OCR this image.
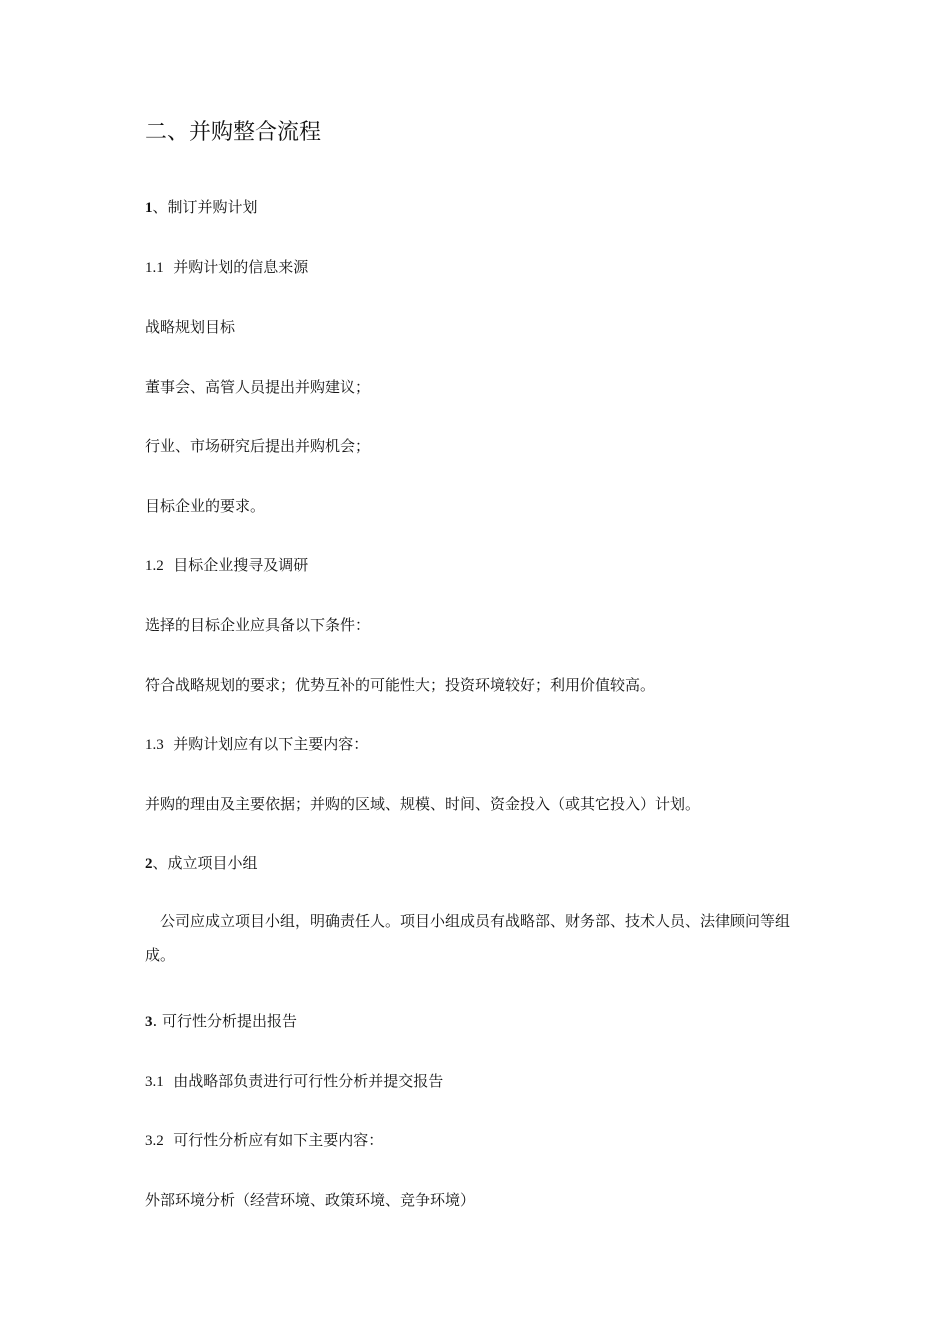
二、并购整合流程
1、制订并购计划
1.1 并购计划的信息来源
战略规划目标
董事会、高管人员提出并购建议；
行业、市场研究后提出并购机会；
目标企业的要求。
1.2 目标企业搜寻及调研
选择的目标企业应具备以下条件：
符合战略规划的要求；优势互补的可能性大；投资环境较好；利用价值较高。
1.3 并购计划应有以下主要内容：
并购的理由及主要依据；并购的区域、规模、时间、资金投入（或其它投入）计划。
2、成立项目小组
公司应成立项目小组，明确责任人。项目小组成员有战略部、财务部、技术人员、法律顾问等组成。
3. 可行性分析提出报告
3.1 由战略部负责进行可行性分析并提交报告
3.2 可行性分析应有如下主要内容：
外部环境分析（经营环境、政策环境、竞争环境）
